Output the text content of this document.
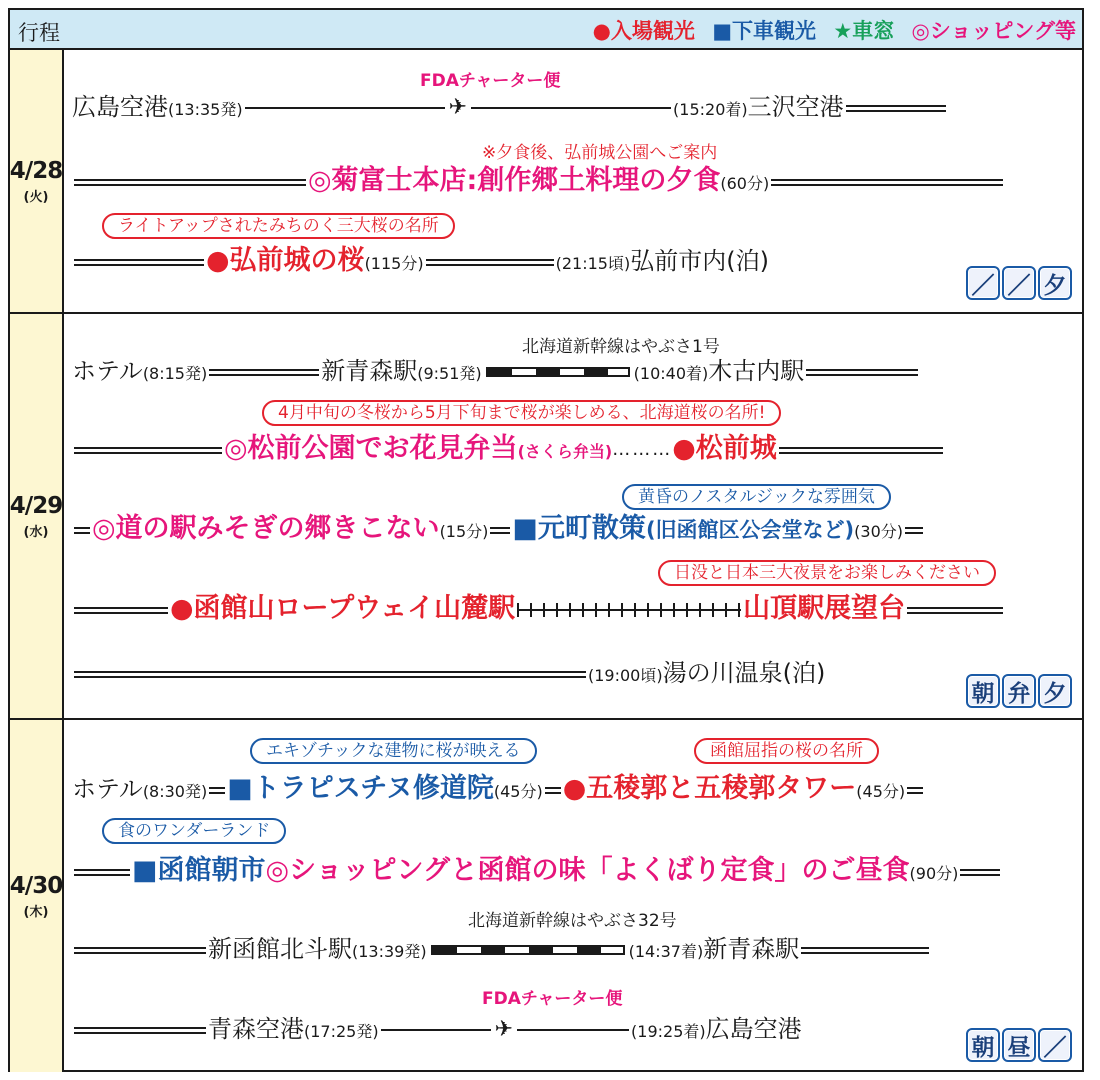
行程	●入場観光 ■下車観光 ★車窓 ◎ショッピング等
4/28
(火)
FDAチャーター便
広島空港(13:35発)	✈	(15:20着)三沢空港
※夕食後、弘前城公園へご案内
◎菊富士本店:創作郷土料理の夕食(60分)
ライトアップされたみちのく三大桜の名所
●弘前城の桜(115分)	(21:15頃)弘前市内(泊)
／ ／ 夕
4/29
(水)
北海道新幹線はやぶさ1号
ホテル(8:15発)	新青森駅(9:51発)	(10:40着)木古内駅
4月中旬の冬桜から5月下旬まで桜が楽しめる、北海道桜の名所!
◎松前公園でお花見弁当(さくら弁当)………●松前城
黄昏のノスタルジックな雰囲気
◎道の駅みそぎの郷きこない(15分) ■元町散策(旧函館区公会堂など)(30分)
日没と日本三大夜景をお楽しみください
●函館山ロープウェイ山麓駅	山頂駅展望台
(19:00頃)湯の川温泉(泊)
朝 弁 夕
4/30
(木)
エキゾチックな建物に桜が映える	函館屈指の桜の名所
ホテル(8:30発) ■トラピスチヌ修道院(45分) ●五稜郭と五稜郭タワー(45分)
食のワンダーランド
■函館朝市◎ショッピングと函館の味「よくばり定食」のご昼食(90分)
北海道新幹線はやぶさ32号
新函館北斗駅(13:39発)	(14:37着)新青森駅
FDAチャーター便
青森空港(17:25発)	✈	(19:25着)広島空港
朝 昼 ／
